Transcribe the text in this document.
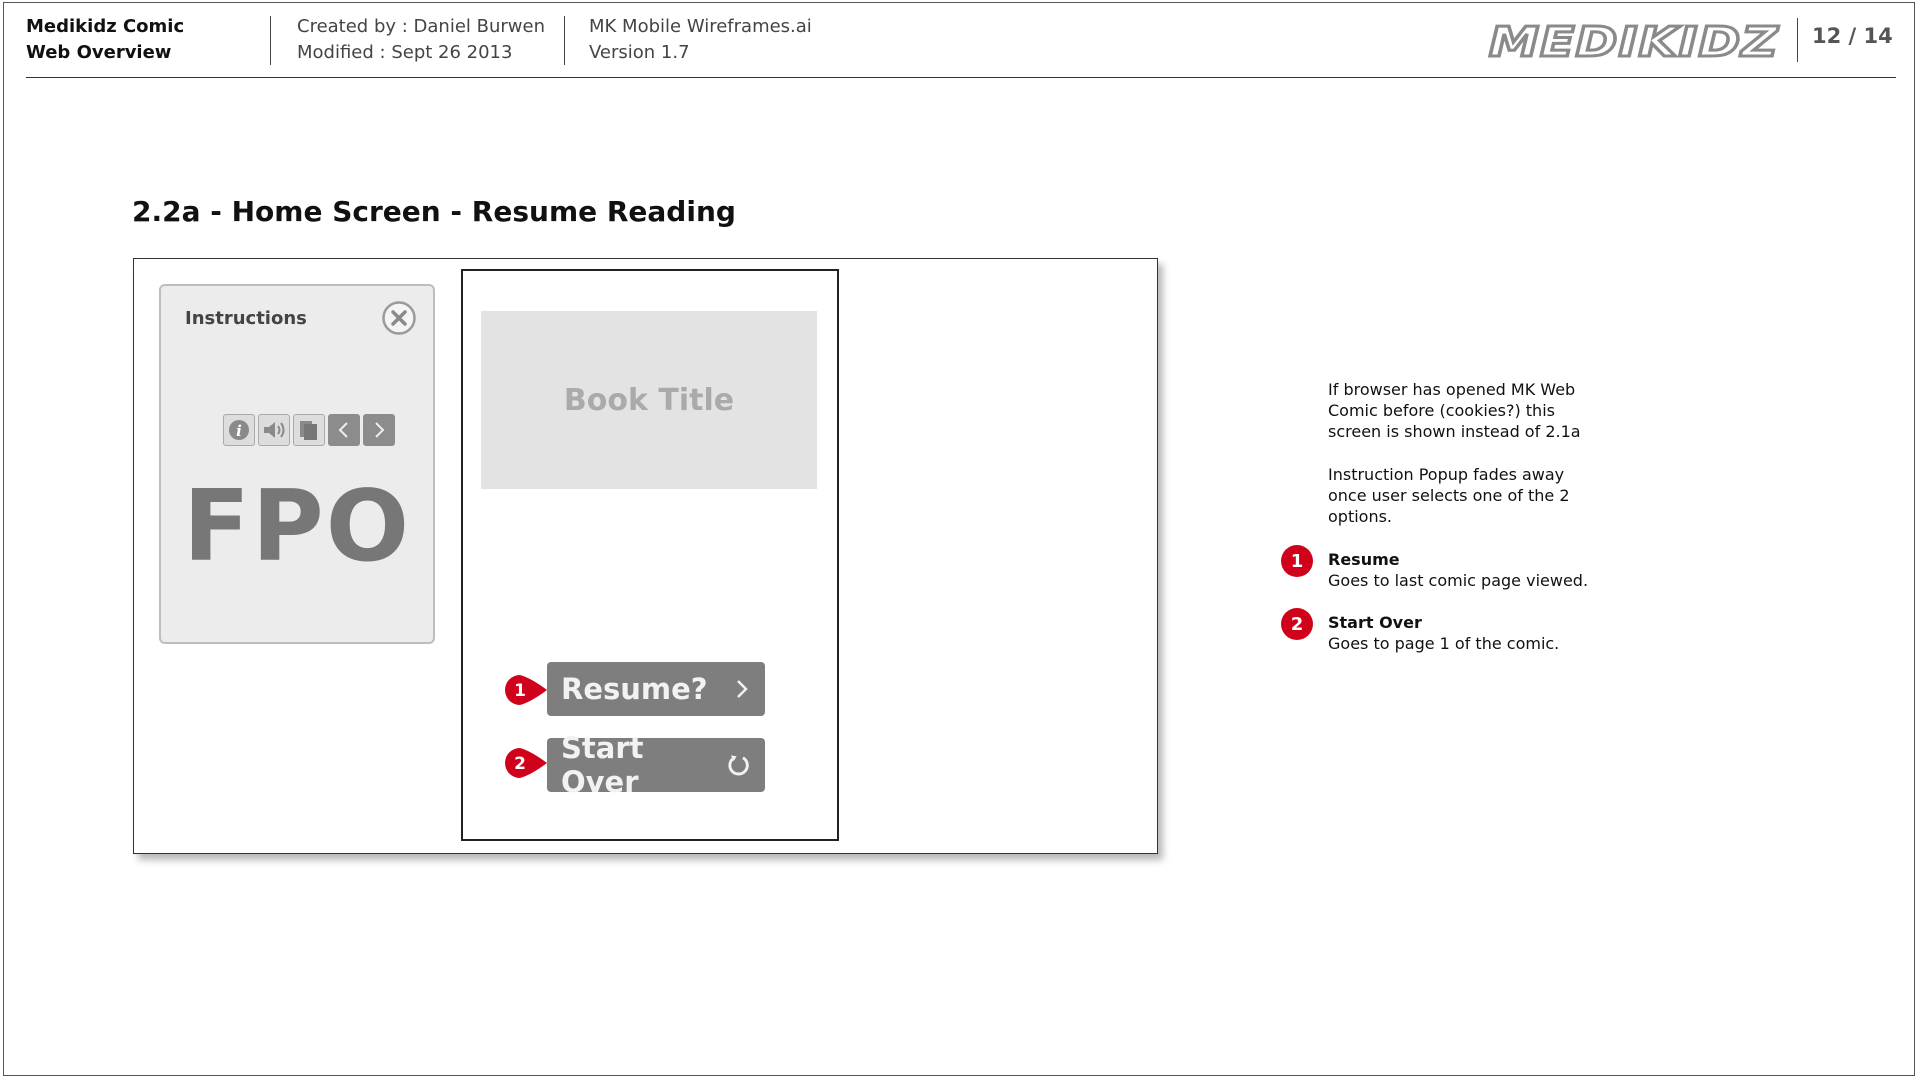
Medikidz Comic
Web Overview
Created by : Daniel Burwen
Modified : Sept 26 2013
MK Mobile Wireframes.ai
Version 1.7	MEDIKIDZ 12 / 14
2.2a - Home Screen - Resume Reading
Instructions
i
FPO
Book Title
Resume?
Start Over
1
2
If browser has opened MK Web
Comic before (cookies?) this
screen is shown instead of 2.1a
Instruction Popup fades away
once user selects one of the 2
options.
1	Resume
Goes to last comic page viewed.
2	Start Over
Goes to page 1 of the comic.
